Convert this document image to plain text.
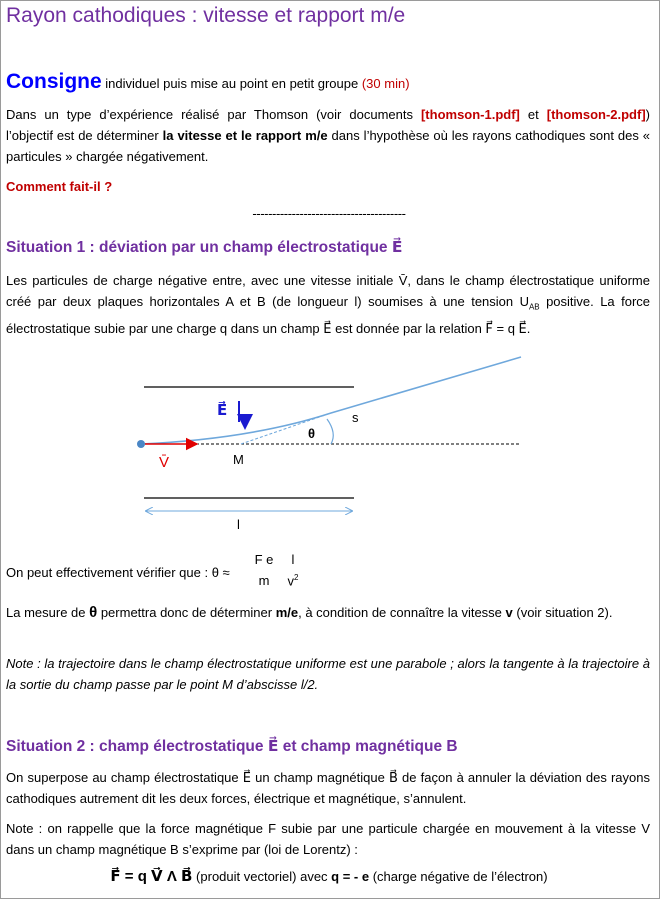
Rayon cathodiques : vitesse et rapport m/e
Consigne individuel puis mise au point en petit groupe (30 min)
Dans un type d’expérience réalisé par Thomson (voir documents [thomson-1.pdf] et [thomson-2.pdf]) l’objectif est de déterminer la vitesse et le rapport m/e dans l’hypothèse où les rayons cathodiques sont des « particules » chargée négativement.
Comment fait-il ?
---------------------------------------
Situation 1 : déviation par un champ électrostatique E⃗
Les particules de charge négative entre, avec une vitesse initiale V̄, dans le champ électrostatique uniforme créé par deux plaques horizontales A et B (de longueur l) soumises à une tension $U_{AB}$ positive. La force électrostatique subie par une charge q dans un champ E⃗ est donnée par la relation F⃗ = q E⃗.
E⃗
V̄	M
θ
s
l
On peut effectivement vérifier que : θ ≈
F e
m
l
$v^2$
La mesure de θ permettra donc de déterminer m/e, à condition de connaître la vitesse v (voir situation 2).
Note : la trajectoire dans le champ électrostatique uniforme est une parabole ; alors la tangente à la trajectoire à la sortie du champ passe par le point M d’abscisse l/2.
Situation 2 : champ électrostatique E⃗ et champ magnétique B
On superpose au champ électrostatique E⃗ un champ magnétique B⃗ de façon à annuler la déviation des rayons cathodiques autrement dit les deux forces, électrique et magnétique, s’annulent.
Note : on rappelle que la force magnétique F subie par une particule chargée en mouvement à la vitesse V dans un champ magnétique B s’exprime par (loi de Lorentz) :
F⃗ = q V⃗ Λ B⃗ (produit vectoriel) avec q = - e (charge négative de l’électron)
